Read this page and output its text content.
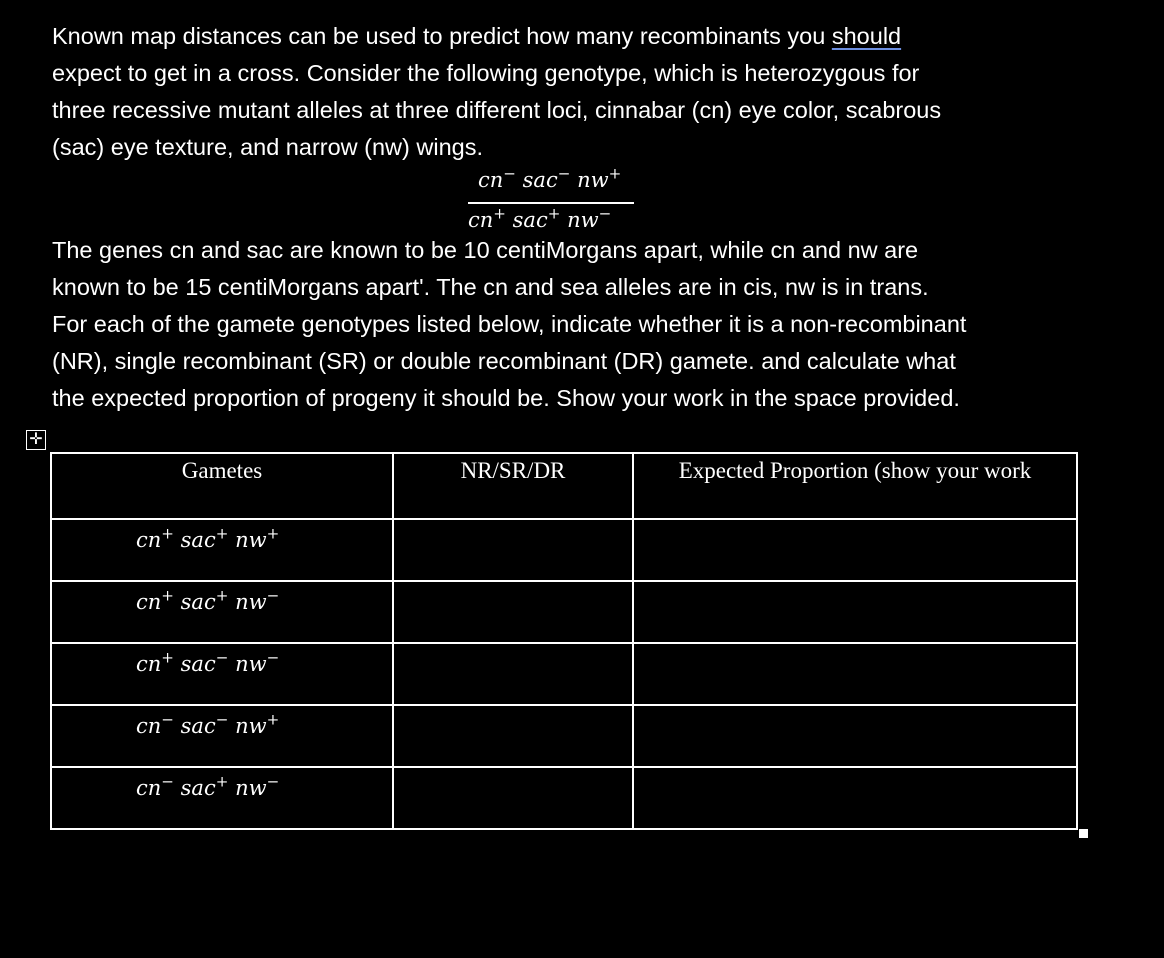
Known map distances can be used to predict how many recombinants you should
expect to get in a cross. Consider the following genotype, which is heterozygous for
three recessive mutant alleles at three different loci, cinnabar (cn) eye color, scabrous
(sac) eye texture, and narrow (nw) wings.
cn− sac− nw+
cn+ sac+ nw−
The genes cn and sac are known to be 10 centiMorgans apart, while cn and nw are
known to be 15 centiMorgans apart'. The cn and sea alleles are in cis, nw is in trans.
For each of the gamete genotypes listed below, indicate whether it is a non-recombinant
(NR), single recombinant (SR) or double recombinant (DR) gamete. and calculate what
the expected proportion of progeny it should be. Show your work in the space provided.
✛
Gametes	NR/SR/DR	Expected Proportion (show your work

cn+ sac+ nw+

cn+ sac+ nw−

cn+ sac− nw−

cn− sac− nw+

cn− sac+ nw−
